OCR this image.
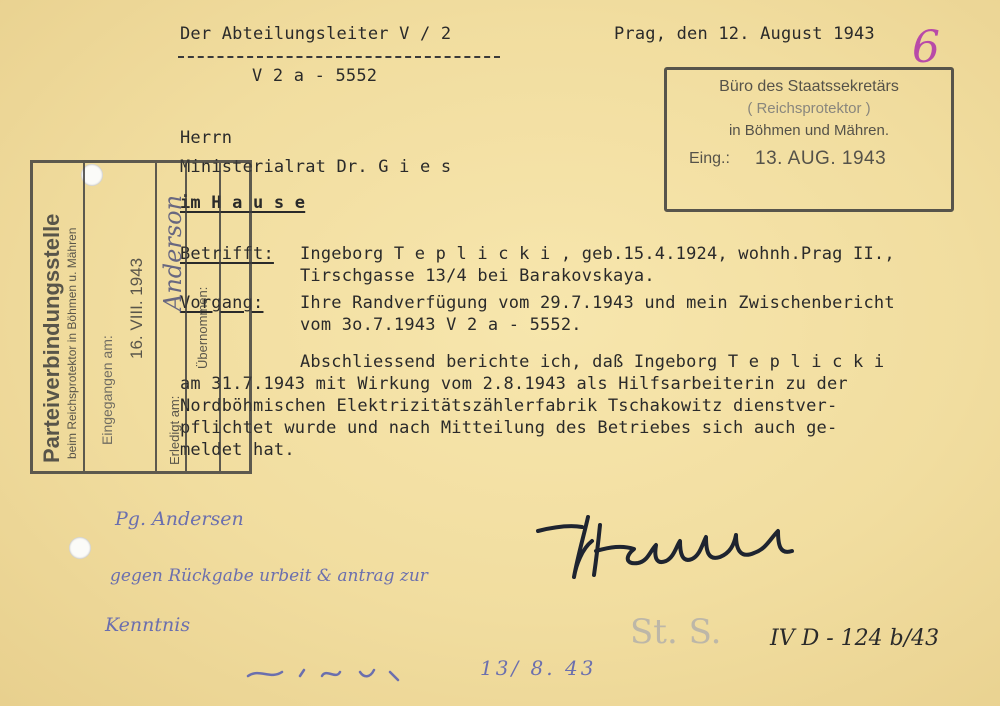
Der Abteilungsleiter V / 2
V 2 a - 5552
Prag, den 12. August 1943
Herrn
Ministerialrat Dr. G i e s
im H a u s e
Betrifft: Ingeborg T e p l i c k i , geb.15.4.1924, wohnh.Prag II.,
Tirschgasse 13/4 bei Barakovskaya.
Vorgang: Ihre Randverfügung vom 29.7.1943 und mein Zwischenbericht
vom 3o.7.1943 V 2 a - 5552.
Abschliessend berichte ich, daß Ingeborg T e p l i c k i
am 31.7.1943 mit Wirkung vom 2.8.1943 als Hilfsarbeiterin zu der
Nordböhmischen Elektrizitätszählerfabrik Tschakowitz dienstver-
pflichtet wurde und nach Mitteilung des Betriebes sich auch ge-
meldet hat.
Büro des Staatssekretärs
( Reichsprotektor )
in Böhmen und Mähren.
Eing.: 13. AUG. 1943
6
Parteiverbindungsstelle beim Reichsprotektor in Böhmen u. Mähren Eingegangen am:
16. VIII. 1943 Anderson
Erledigt am:
Übernommen:
Pg. Andersen
gegen Rückgabe urbeit & antrag zur
Kenntnis
13/ 8. 43
St. S. IV D - 124 b/43
